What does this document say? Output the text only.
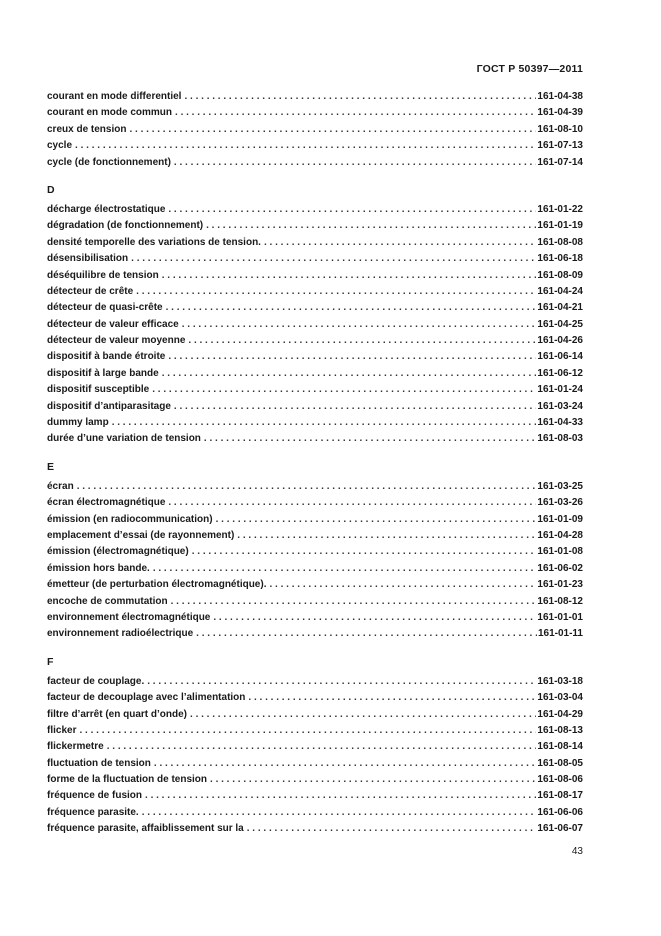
ГОСТ Р 50397—2011
courant en mode differentiel . . .	161-04-38
courant en mode commun . . .	161-04-39
creux de tension . . .	161-08-10
cycle . . .	161-07-13
cycle (de fonctionnement) . . .	161-07-14
D
décharge électrostatique . . .	161-01-22
dégradation (de fonctionnement) . . .	161-01-19
densité temporelle des variations de tension. . . .	161-08-08
désensibilisation . . .	161-06-18
déséquilibre de tension . . .	161-08-09
détecteur de crête . . .	161-04-24
détecteur de quasi-crête . . .	161-04-21
détecteur de valeur efficace . . .	161-04-25
détecteur de valeur moyenne . . .	161-04-26
dispositif à bande étroite . . .	161-06-14
dispositif à large bande . . .	161-06-12
dispositif susceptible . . .	161-01-24
dispositif d’antiparasitage . . .	161-03-24
dummy lamp . . .	161-04-33
durée d’une variation de tension . . .	161-08-03
E
écran . . .	161-03-25
écran électromagnétique . . .	161-03-26
émission (en radiocommunication) . . .	161-01-09
emplacement d’essai (de rayonnement) . . .	161-04-28
émission (électromagnétique) . . .	161-01-08
émission hors bande. . . .	161-06-02
émetteur (de perturbation électromagnétique). . . .	161-01-23
encoche de commutation . . .	161-08-12
environnement électromagnétique . . .	161-01-01
environnement radioélectrique . . .	161-01-11
F
facteur de couplage. . . .	161-03-18
facteur de decouplage avec l’alimentation . . .	161-03-04
filtre d’arrêt (en quart d’onde) . . .	161-04-29
flicker . . .	161-08-13
flickermetre . . .	161-08-14
fluctuation de tension . . .	161-08-05
forme de la fluctuation de tension . . .	161-08-06
fréquence de fusion . . .	161-08-17
fréquence parasite. . . .	161-06-06
fréquence parasite, affaiblissement sur la . . .	161-06-07
43
